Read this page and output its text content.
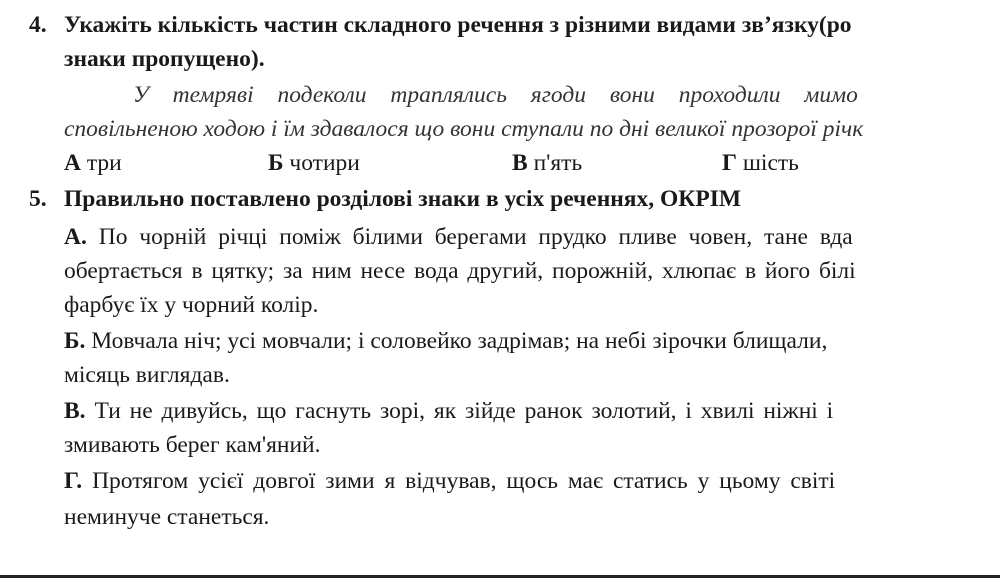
4. Укажіть кількість частин складного речення з різними видами зв’язку(ро
знаки пропущено).
У темряві подеколи траплялись ягоди вони проходили мимо
сповільненою ходою і їм здавалося що вони ступали по дні великої прозорої річк
А три	Б чотири	В п'ять	Г шість
5. Правильно поставлено розділові знаки в усіх реченнях, ОКРІМ
А. По чорній річці поміж білими берегами прудко пливе човен, тане вда
обертається в цятку; за ним несе вода другий, порожній, хлюпає в його білі
фарбує їх у чорний колір.
Б. Мовчала ніч; усі мовчали; і соловейко задрімав; на небі зірочки блищали,
місяць виглядав.
В. Ти не дивуйсь, що гаснуть зорі, як зійде ранок золотий, і хвилі ніжні і
змивають берег кам'яний.
Г. Протягом усієї довгої зими я відчував, щось має статись у цьому світі
неминуче станеться.
